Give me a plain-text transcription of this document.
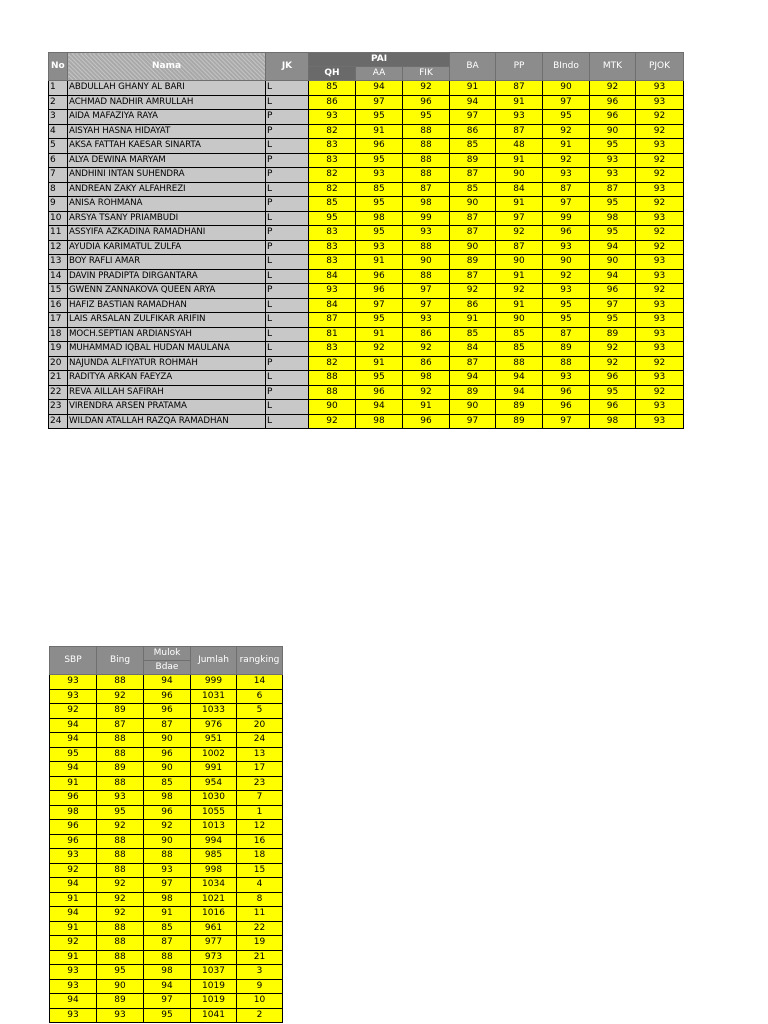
No	Nama	JK	PAI			BA	PP	BIndo	MTK	PJOK
			QH	AA	FIK					
1	ABDULLAH GHANY AL BARI	L	85	94	92	91	87	90	92	93
2	ACHMAD NADHIR AMRULLAH	L	86	97	96	94	91	97	96	93
3	AIDA MAFAZIYA RAYA	P	93	95	95	97	93	95	96	92
4	AISYAH HASNA HIDAYAT	P	82	91	88	86	87	92	90	92
5	AKSA FATTAH KAESAR SINARTA	L	83	96	88	85	48	91	95	93
6	ALYA DEWINA MARYAM	P	83	95	88	89	91	92	93	92
7	ANDHINI INTAN SUHENDRA	P	82	93	88	87	90	93	93	92
8	ANDREAN ZAKY ALFAHREZI	L	82	85	87	85	84	87	87	93
9	ANISA ROHMANA	P	85	95	98	90	91	97	95	92
10	ARSYA TSANY PRIAMBUDI	L	95	98	99	87	97	99	98	93
11	ASSYIFA AZKADINA RAMADHANI	P	83	95	93	87	92	96	95	92
12	AYUDIA KARIMATUL ZULFA	P	83	93	88	90	87	93	94	92
13	BOY RAFLI AMAR	L	83	91	90	89	90	90	90	93
14	DAVIN PRADIPTA DIRGANTARA	L	84	96	88	87	91	92	94	93
15	GWENN ZANNAKOVA QUEEN ARYA	P	93	96	97	92	92	93	96	92
16	HAFIZ BASTIAN RAMADHAN	L	84	97	97	86	91	95	97	93
17	LAIS ARSALAN ZULFIKAR ARIFIN	L	87	95	93	91	90	95	95	93
18	MOCH.SEPTIAN ARDIANSYAH	L	81	91	86	85	85	87	89	93
19	MUHAMMAD IQBAL HUDAN MAULANA	L	83	92	92	84	85	89	92	93
20	NAJUNDA ALFIYATUR ROHMAH	P	82	91	86	87	88	88	92	92
21	RADITYA ARKAN FAEYZA	L	88	95	98	94	94	93	96	93
22	REVA AILLAH SAFIRAH	P	88	96	92	89	94	96	95	92
23	VIRENDRA ARSEN PRATAMA	L	90	94	91	90	89	96	96	93
24	WILDAN ATALLAH RAZQA RAMADHAN	L	92	98	96	97	89	97	98	93
SBP	Bing	Mulok	Jumlah	rangking
		Bdae		
93	88	94	999	14
93	92	96	1031	6
92	89	96	1033	5
94	87	87	976	20
94	88	90	951	24
95	88	96	1002	13
94	89	90	991	17
91	88	85	954	23
96	93	98	1030	7
98	95	96	1055	1
96	92	92	1013	12
96	88	90	994	16
93	88	88	985	18
92	88	93	998	15
94	92	97	1034	4
91	92	98	1021	8
94	92	91	1016	11
91	88	85	961	22
92	88	87	977	19
91	88	88	973	21
93	95	98	1037	3
93	90	94	1019	9
94	89	97	1019	10
93	93	95	1041	2
